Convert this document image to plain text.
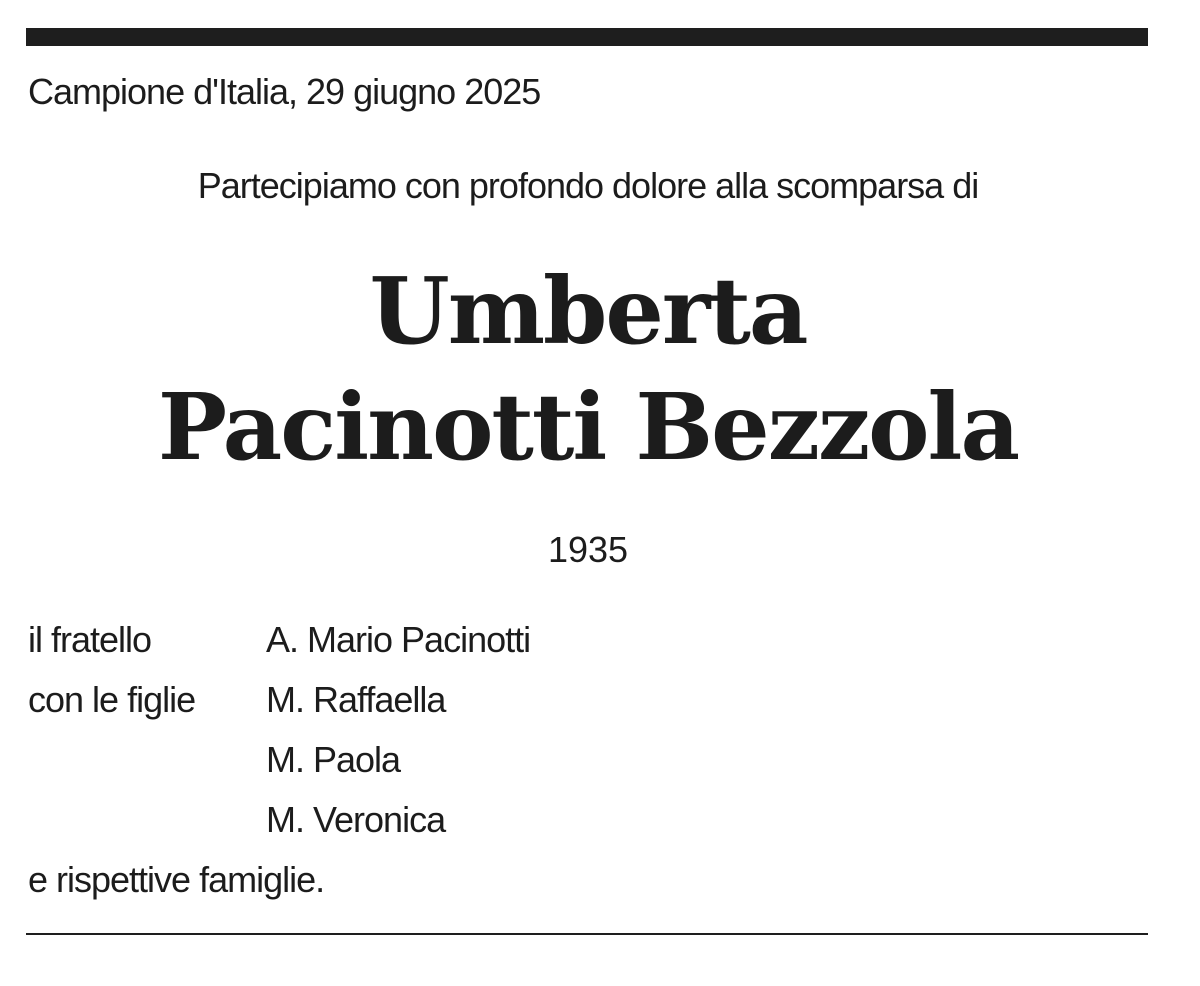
Campione d'Italia, 29 giugno 2025
Partecipiamo con profondo dolore alla scomparsa di
Umberta
Pacinotti Bezzola
1935
il fratello	A. Mario Pacinotti
con le figlie M. Raffaella
M. Paola
M. Veronica
e rispettive famiglie.
